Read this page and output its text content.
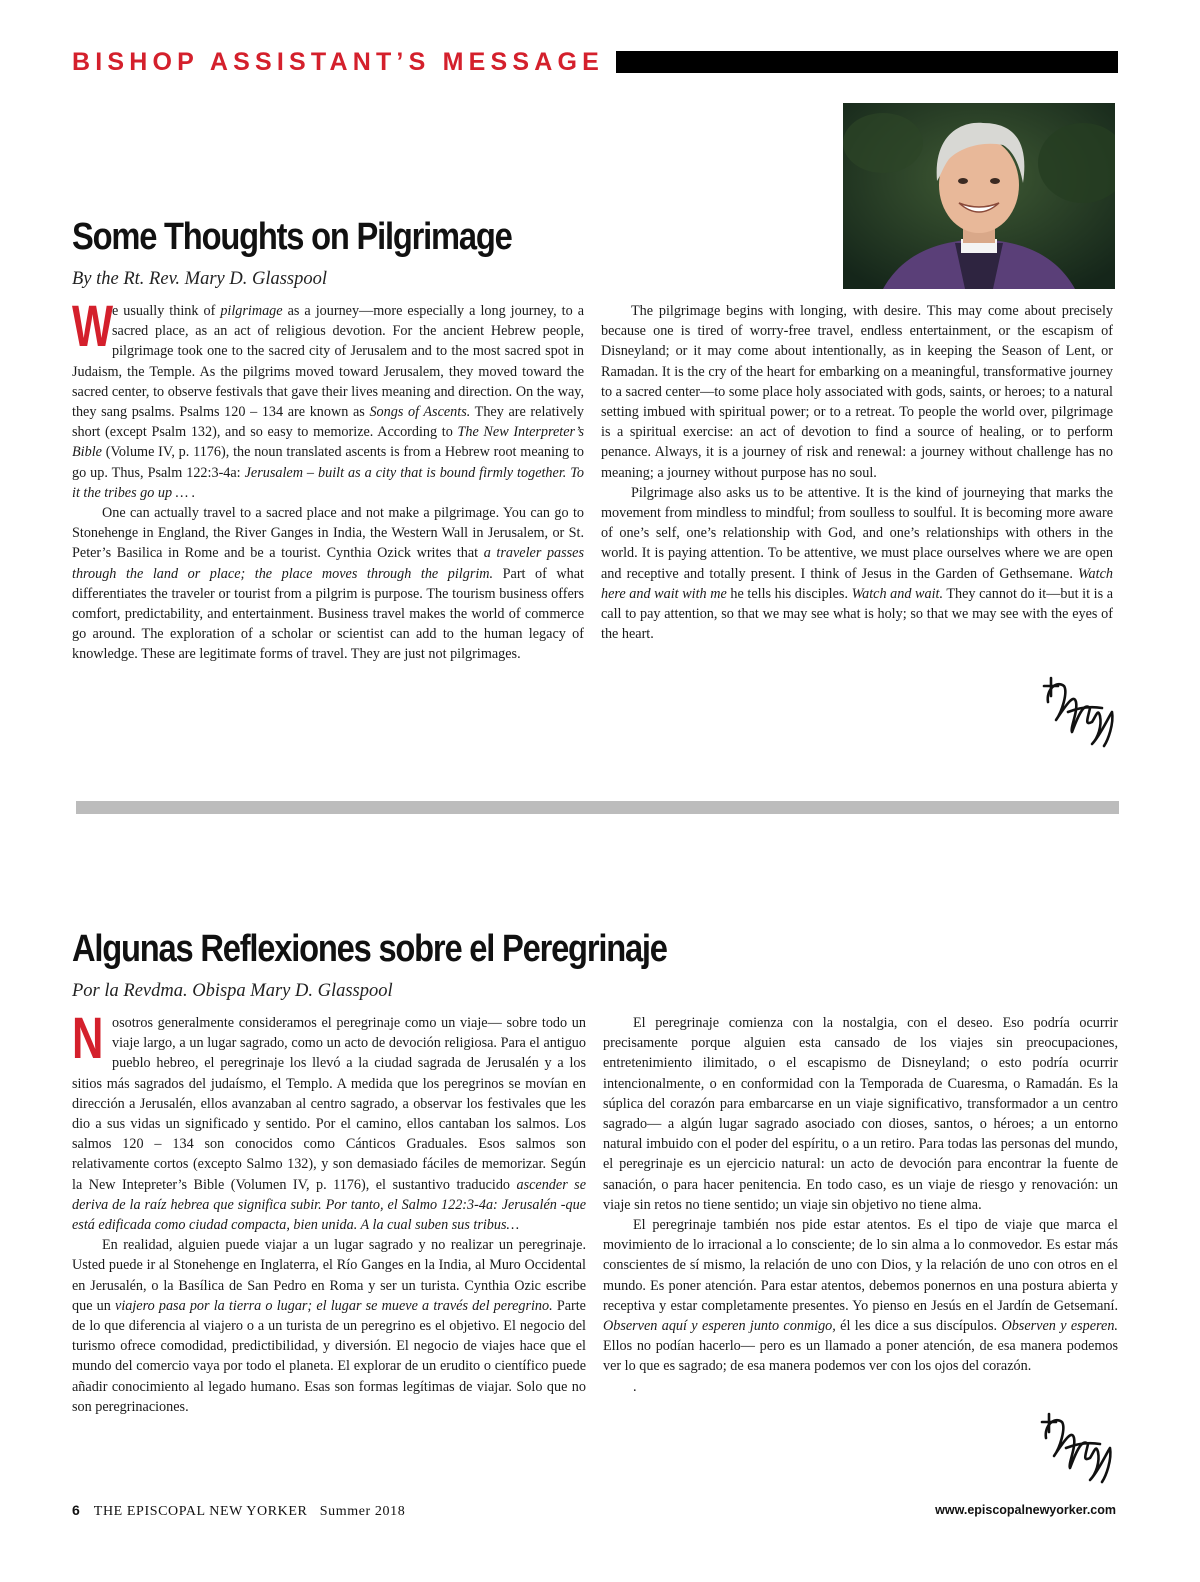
BISHOP ASSISTANT’S MESSAGE
Some Thoughts on Pilgrimage
By the Rt. Rev. Mary D. Glasspool
W

e usually think of pilgrimage as a journey—more especially a long journey, to a sacred place, as an act of religious devotion. For the ancient Hebrew people, pilgrimage took one to the sacred city of Jerusalem and to the most sacred spot in Judaism, the Temple. As the pilgrims moved toward Jerusalem, they moved toward the sacred center, to observe festivals that gave their lives meaning and direction. On the way, they sang psalms. Psalms 120 – 134 are known as Songs of Ascents. They are relatively short (except Psalm 132), and so easy to memorize. According to The New Interpreter’s Bible (Volume IV, p. 1176), the noun translated ascents is from a Hebrew root meaning to go up. Thus, Psalm 122:3-4a: Jerusalem – built as a city that is bound firmly together. To it the tribes go up … .

One can actually travel to a sacred place and not make a pilgrimage. You can go to Stonehenge in England, the River Ganges in India, the Western Wall in Jerusalem, or St. Peter’s Basilica in Rome and be a tourist. Cynthia Ozick writes that a traveler passes through the land or place; the place moves through the pilgrim. Part of what differentiates the traveler or tourist from a pilgrim is purpose. The tourism business offers comfort, predictability, and entertainment. Business travel makes the world of commerce go around. The exploration of a scholar or scientist can add to the human legacy of knowledge. These are legitimate forms of travel. They are just not pilgrimages.

The pilgrimage begins with longing, with desire. This may come about precisely because one is tired of worry-free travel, endless entertainment, or the escapism of Disneyland; or it may come about intentionally, as in keeping the Season of Lent, or Ramadan. It is the cry of the heart for embarking on a meaningful, transformative journey to a sacred center—to some place holy associated with gods, saints, or heroes; to a natural setting imbued with spiritual power; or to a retreat. To people the world over, pilgrimage is a spiritual exercise: an act of devotion to find a source of healing, or to perform penance. Always, it is a journey of risk and renewal: a journey without challenge has no meaning; a journey without purpose has no soul.

Pilgrimage also asks us to be attentive. It is the kind of journeying that marks the movement from mindless to mindful; from soulless to soulful. It is becoming more aware of one’s self, one’s relationship with God, and one’s relationships with others in the world. It is paying attention. To be attentive, we must place ourselves where we are open and receptive and totally present. I think of Jesus in the Garden of Gethsemane. Watch here and wait with me he tells his disciples. Watch and wait. They cannot do it—but it is a call to pay attention, so that we may see what is holy; so that we may see with the eyes of the heart.

Algunas Reflexiones sobre el Peregrinaje
Por la Revdma. Obispa Mary D. Glasspool
N osotros generalmente consideramos el peregrinaje como un viaje— sobre todo un viaje largo, a un lugar sagrado, como un acto de devoción religiosa. Para el antiguo pueblo hebreo, el peregrinaje los llevó a la ciudad sagrada de Jerusalén y a los sitios más sagrados del judaísmo, el Templo. A medida que los peregrinos se movían en dirección a Jerusalén, ellos avanzaban al centro sagrado, a observar los festivales que les dio a sus vidas un significado y sentido. Por el camino, ellos cantaban los salmos. Los salmos 120 – 134 son conocidos como Cánticos Graduales. Esos salmos son relativamente cortos (excepto Salmo 132), y son demasiado fáciles de memorizar. Según la New Intepreter’s Bible (Volumen IV, p. 1176), el sustantivo traducido ascender se deriva de la raíz hebrea que significa subir. Por tanto, el Salmo 122:3-4a: Jerusalén -que está edificada como ciudad compacta, bien unida. A la cual suben sus tribus…

En realidad, alguien puede viajar a un lugar sagrado y no realizar un peregrinaje. Usted puede ir al Stonehenge en Inglaterra, el Río Ganges en la India, al Muro Occidental en Jerusalén, o la Basílica de San Pedro en Roma y ser un turista. Cynthia Ozic escribe que un viajero pasa por la tierra o lugar; el lugar se mueve a través del peregrino. Parte de lo que diferencia al viajero o a un turista de un peregrino es el objetivo. El negocio del turismo ofrece comodidad, predictibilidad, y diversión. El negocio de viajes hace que el mundo del comercio vaya por todo el planeta. El explorar de un erudito o científico puede añadir conocimiento al legado humano. Esas son formas legítimas de viajar. Solo que no son peregrinaciones.

El peregrinaje comienza con la nostalgia, con el deseo. Eso podría ocurrir precisamente porque alguien esta cansado de los viajes sin preocupaciones, entretenimiento ilimitado, o el escapismo de Disneyland; o esto podría ocurrir intencionalmente, o en conformidad con la Temporada de Cuaresma, o Ramadán. Es la súplica del corazón para embarcarse en un viaje significativo, transformador a un centro sagrado— a algún lugar sagrado asociado con dioses, santos, o héroes; a un entorno natural imbuido con el poder del espíritu, o a un retiro. Para todas las personas del mundo, el peregrinaje es un ejercicio natural: un acto de devoción para encontrar la fuente de sanación, o para hacer penitencia. En todo caso, es un viaje de riesgo y renovación: un viaje sin retos no tiene sentido; un viaje sin objetivo no tiene alma.

El peregrinaje también nos pide estar atentos. Es el tipo de viaje que marca el movimiento de lo irracional a lo consciente; de lo sin alma a lo conmovedor. Es estar más conscientes de sí mismo, la relación de uno con Dios, y la relación de uno con otros en el mundo. Es poner atención. Para estar atentos, debemos ponernos en una postura abierta y receptiva y estar completamente presentes. Yo pienso en Jesús en el Jardín de Getsemaní. Observen aquí y esperen junto conmigo, él les dice a sus discípulos. Observen y esperen. Ellos no podían hacerlo— pero es un llamado a poner atención, de esa manera podemos ver lo que es sagrado; de esa manera podemos ver con los ojos del corazón.

.

6 THE EPISCOPAL NEW YORKER Summer 2018	www.episcopalnewyorker.com
